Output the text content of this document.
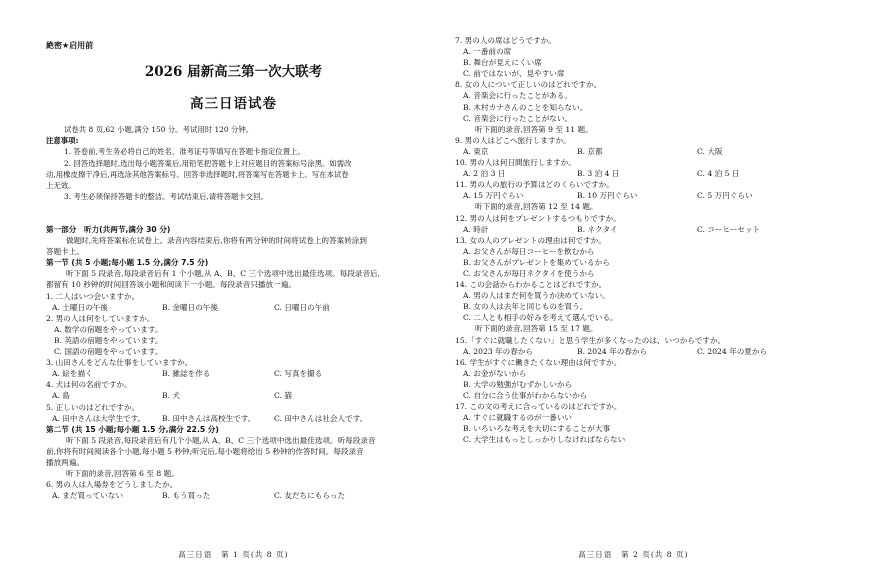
絶密★启用前
2026 届新高三第一次大联考
高三日语试卷
试卷共 8 页,62 小题,满分 150 分。考试用时 120 分钟。
注意事项:
1. 答卷前,考生务必将自己的姓名、准考证号等填写在答题卡指定位置上。
2. 回答选择题时,选出每小题答案后,用铅笔把答题卡上对应题目的答案标号涂黑。如需改
动,用橡皮擦干净后,再选涂其他答案标号。回答非选择题时,将答案写在答题卡上。写在本试卷
上无效。
3. 考生必须保持答题卡的整洁。考试结束后,请将答题卡交回。
第一部分　听力(共两节,满分 30 分)
做题时,先将答案标在试卷上。录音内容结束后,你将有两分钟的时间将试卷上的答案转涂到
答题卡上。
第一节 (共 5 小题;每小题 1.5 分,满分 7.5 分)
听下面 5 段录音,每段录音后有 1 个小题,从 A、B、C 三个选项中选出最佳选项。每段录音后,
都留有 10 秒钟的时间回答该小题和阅读下一小题。每段录音只播放一遍。
1. 二人はいつ会いますか。
A. 土曜日の午後	B. 金曜日の午後	C. 日曜日の午前
2. 男の人は何をしていますか。
A. 数学の宿題をやっています。
B. 英語の宿題をやっています。
C. 国語の宿題をやっています。
3. 山田さんをどんな仕事をしていますか。
A. 絵を描く	B. 雑誌を作る	C. 写真を撮る
4. 犬は何の名前ですか。
A. 島	B. 犬	C. 猫
5. 正しいのはどれですか。
A. 田中さんは大学生です。	B. 田中さんは高校生です。	C. 田中さんは社会人です。
第二节 (共 15 小题;每小题 1.5 分,满分 22.5 分)
听下面 5 段录音,每段录音后有几个小题,从 A、B、C 三个选项中选出最佳选项。听每段录音
前,你将有时间阅读各个小题,每小题 5 秒钟;听完后,每小题将给出 5 秒钟的作答时间。每段录音
播放两遍。
听下面的录音,回答第 6 至 8 题。
6. 男の人は入場券をどうしましたか。
A. まだ買っていない	B. もう買った	C. 友だちにもらった
7. 男の人の席はどうですか。
A. 一番前の席
B. 舞台が見えにくい席
C. 前ではないが、見やすい席
8. 女の人について正しいのはどれですか。
A. 音楽会に行ったことがある。
B. 木村カナさんのことを知らない。
C. 音楽会に行ったことがない。
听下面的录音,回答第 9 至 11 题。
9. 男の人はどこへ旅行しますか。
A. 東京	B. 京都	C. 大阪
10. 男の人は何日間旅行しますか。
A. 2 泊 3 日	B. 3 泊 4 日	C. 4 泊 5 日
11. 男の人の旅行の予算はどのくらいですか。
A. 15 万円ぐらい	B. 10 万円ぐらい	C. 5 万円ぐらい
听下面的录音,回答第 12 至 14 题。
12. 男の人は何をプレゼントするつもりですか。
A. 時計	B. ネクタイ	C. コーヒーセット
13. 女の人のプレゼントの理由は何ですか。
A. お父さんが毎日コーヒーを飲むから
B. お父さんがプレゼントを集めているから
C. お父さんが毎日ネクタイを使うから
14. この会話からわかることはどれですか。
A. 男の人はまだ何を買うか決めていない。
B. 女の人は去年と同じものを買う。
C. 二人とも相手の好みを考えて選んでいる。
听下面的录音,回答第 15 至 17 题。
15.「すぐに就職したくない」と思う学生が多くなったのは、いつからですか。
A. 2023 年の春から	B. 2024 年の春から	C. 2024 年の夏から
16. 学生がすぐに働きたくない理由は何ですか。
A. お金がないから
B. 大学の勉強がむずかしいから
C. 自分に合う仕事がわからないから
17. この文の考えに合っているのはどれですか。
A. すぐに就職するのが一番いい
B. いろいろな考えを大切にすることが大事
C. 大学生はもっとしっかりしなければならない
高三日语　第 1 页(共 8 页)	高三日语　第 2 页(共 8 页)
